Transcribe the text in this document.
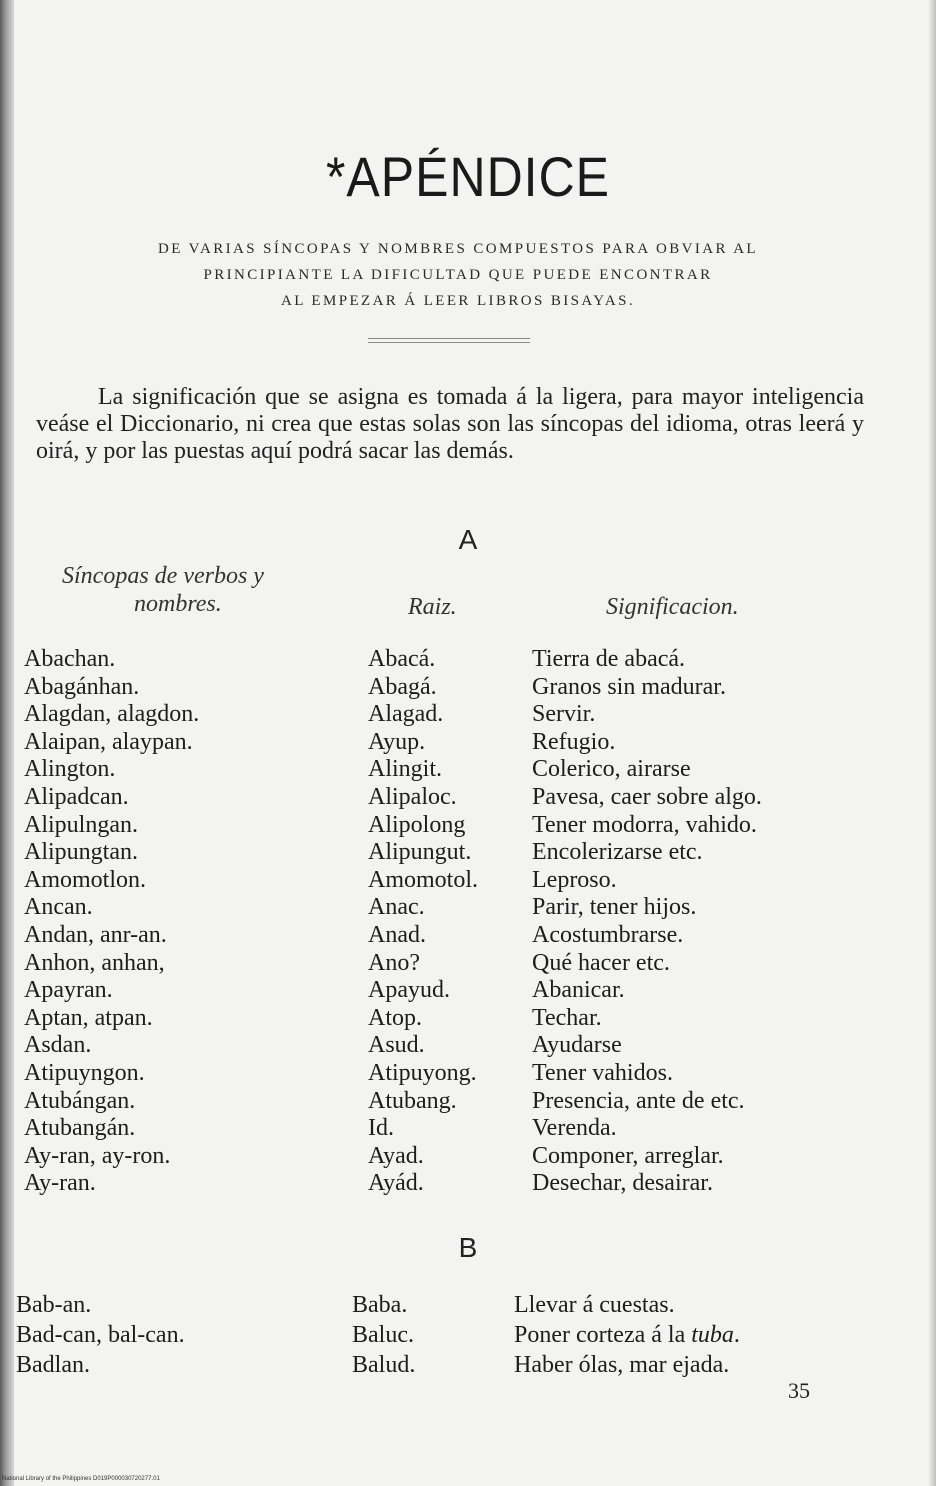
*APÉNDICE
DE VARIAS SÍNCOPAS Y NOMBRES COMPUESTOS PARA OBVIAR AL
PRINCIPIANTE LA DIFICULTAD QUE PUEDE ENCONTRAR
AL EMPEZAR Á LEER LIBROS BISAYAS.
La significación que se asigna es tomada á la ligera, para mayor inteligencia veáse el Diccionario, ni crea que estas solas son las síncopas del idioma, otras leerá y oirá, y por las puestas aquí podrá sacar las demás.
A
Síncopas de verbos y
nombres.	Raiz.	Significacion.
Abachan.	Abacá.	Tierra de abacá.
Abagánhan.	Abagá.	Granos sin madurar.
Alagdan, alagdon.	Alagad.	Servir.
Alaipan, alaypan.	Ayup.	Refugio.
Alington.	Alingit.	Colerico, airarse
Alipadcan.	Alipaloc.	Pavesa, caer sobre algo.
Alipulngan.	Alipolong	Tener modorra, vahido.
Alipungtan.	Alipungut.	Encolerizarse etc.
Amomotlon.	Amomotol. Leproso.
Ancan.	Anac.	Parir, tener hijos.
Andan, anr-an.	Anad.	Acostumbrarse.
Anhon, anhan,	Ano?	Qué hacer etc.
Apayran.	Apayud.	Abanicar.
Aptan, atpan.	Atop.	Techar.
Asdan.	Asud.	Ayudarse
Atipuyngon.	Atipuyong. Tener vahidos.
Atubángan.	Atubang.	Presencia, ante de etc.
Atubangán.	Id.	Verenda.
Ay-ran, ay-ron.	Ayad.	Componer, arreglar.
Ay-ran.	Ayád.	Desechar, desairar.
B
Bab-an.	Baba.	Llevar á cuestas.
Bad-can, bal-can.	Baluc.	Poner corteza á la tuba.
Badlan.	Balud.	Haber ólas, mar ejada.
35
National Library of the Philippines D019P000030720277.01
